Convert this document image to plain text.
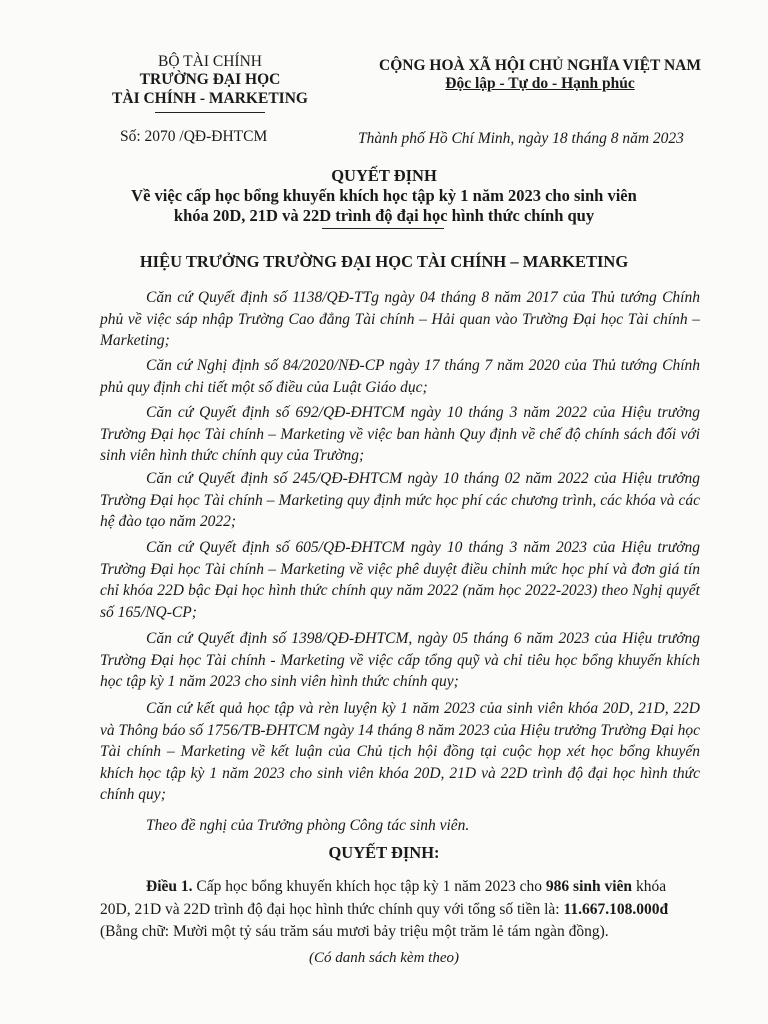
BỘ TÀI CHÍNH
TRƯỜNG ĐẠI HỌC
TÀI CHÍNH - MARKETING
CỘNG HOÀ XÃ HỘI CHỦ NGHĨA VIỆT NAM
Độc lập - Tự do - Hạnh phúc
Số: 2070 /QĐ-ĐHTCM	Thành phố Hồ Chí Minh, ngày 18 tháng 8 năm 2023
QUYẾT ĐỊNH
Về việc cấp học bổng khuyến khích học tập kỳ 1 năm 2023 cho sinh viên
khóa 20D, 21D và 22D trình độ đại học hình thức chính quy
HIỆU TRƯỞNG TRƯỜNG ĐẠI HỌC TÀI CHÍNH – MARKETING
Căn cứ Quyết định số 1138/QĐ-TTg ngày 04 tháng 8 năm 2017 của Thủ tướng Chính phủ về việc sáp nhập Trường Cao đẳng Tài chính – Hải quan vào Trường Đại học Tài chính – Marketing;
Căn cứ Nghị định số 84/2020/NĐ-CP ngày 17 tháng 7 năm 2020 của Thủ tướng Chính phủ quy định chi tiết một số điều của Luật Giáo dục;
Căn cứ Quyết định số 692/QĐ-ĐHTCM ngày 10 tháng 3 năm 2022 của Hiệu trưởng Trường Đại học Tài chính – Marketing về việc ban hành Quy định về chế độ chính sách đối với sinh viên hình thức chính quy của Trường;
Căn cứ Quyết định số 245/QĐ-ĐHTCM ngày 10 tháng 02 năm 2022 của Hiệu trưởng Trường Đại học Tài chính – Marketing quy định mức học phí các chương trình, các khóa và các hệ đào tạo năm 2022;
Căn cứ Quyết định số 605/QĐ-ĐHTCM ngày 10 tháng 3 năm 2023 của Hiệu trưởng Trường Đại học Tài chính – Marketing về việc phê duyệt điều chỉnh mức học phí và đơn giá tín chỉ khóa 22D bậc Đại học hình thức chính quy năm 2022 (năm học 2022-2023) theo Nghị quyết số 165/NQ-CP;
Căn cứ Quyết định số 1398/QĐ-ĐHTCM, ngày 05 tháng 6 năm 2023 của Hiệu trưởng Trường Đại học Tài chính - Marketing về việc cấp tổng quỹ và chỉ tiêu học bổng khuyến khích học tập kỳ 1 năm 2023 cho sinh viên hình thức chính quy;
Căn cứ kết quả học tập và rèn luyện kỳ 1 năm 2023 của sinh viên khóa 20D, 21D, 22D và Thông báo số 1756/TB-ĐHTCM ngày 14 tháng 8 năm 2023 của Hiệu trưởng Trường Đại học Tài chính – Marketing về kết luận của Chủ tịch hội đồng tại cuộc họp xét học bổng khuyến khích học tập kỳ 1 năm 2023 cho sinh viên khóa 20D, 21D và 22D trình độ đại học hình thức chính quy;
Theo đề nghị của Trưởng phòng Công tác sinh viên.
QUYẾT ĐỊNH:
Điều 1. Cấp học bổng khuyến khích học tập kỳ 1 năm 2023 cho 986 sinh viên khóa
20D, 21D và 22D trình độ đại học hình thức chính quy với tổng số tiền là: 11.667.108.000đ
(Bằng chữ: Mười một tỷ sáu trăm sáu mươi bảy triệu một trăm lẻ tám ngàn đồng).
(Có danh sách kèm theo)
